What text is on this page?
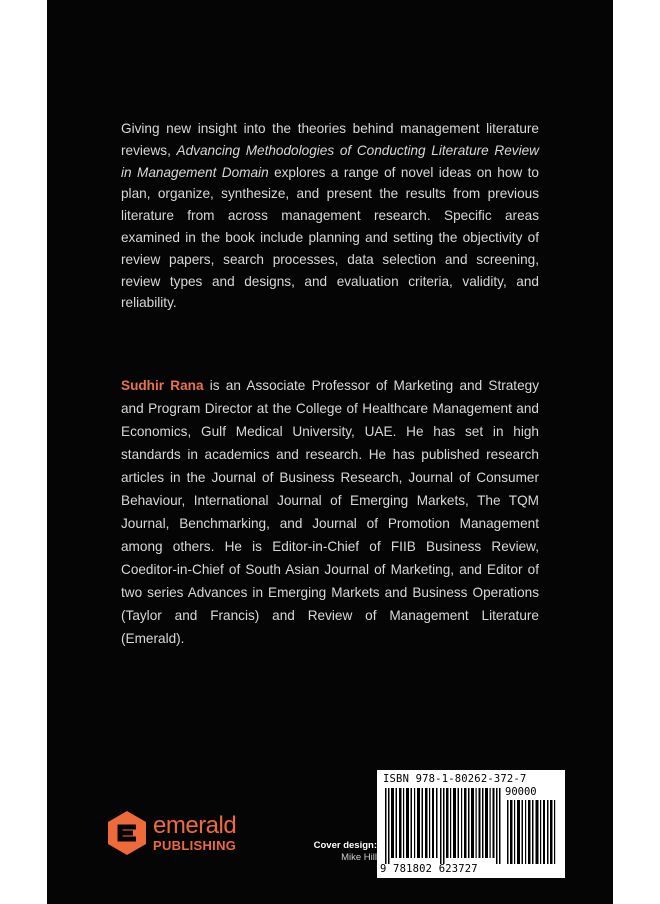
Giving new insight into the theories behind management literature reviews, Advancing Methodologies of Conducting Literature Review in Management Domain explores a range of novel ideas on how to plan, organize, synthesize, and present the results from previous literature from across management research. Specific areas examined in the book include planning and setting the objectivity of review papers, search processes, data selection and screening, review types and designs, and evaluation criteria, validity, and reliability.

Sudhir Rana is an Associate Professor of Marketing and Strategy and Program Director at the College of Healthcare Management and Economics, Gulf Medical University, UAE. He has set in high standards in academics and research. He has published research articles in the Journal of Business Research, Journal of Consumer Behaviour, International Journal of Emerging Markets, The TQM Journal, Benchmarking, and Journal of Promotion Management among others. He is Editor-in-Chief of FIIB Business Review, Coeditor-in-Chief of South Asian Journal of Marketing, and Editor of two series Advances in Emerging Markets and Business Operations (Taylor and Francis) and Review of Management Literature (Emerald).

emerald
PUBLISHING	Cover design:
Mike Hill
ISBN 978-1-80262-372-7
90000
9 781802 623727
